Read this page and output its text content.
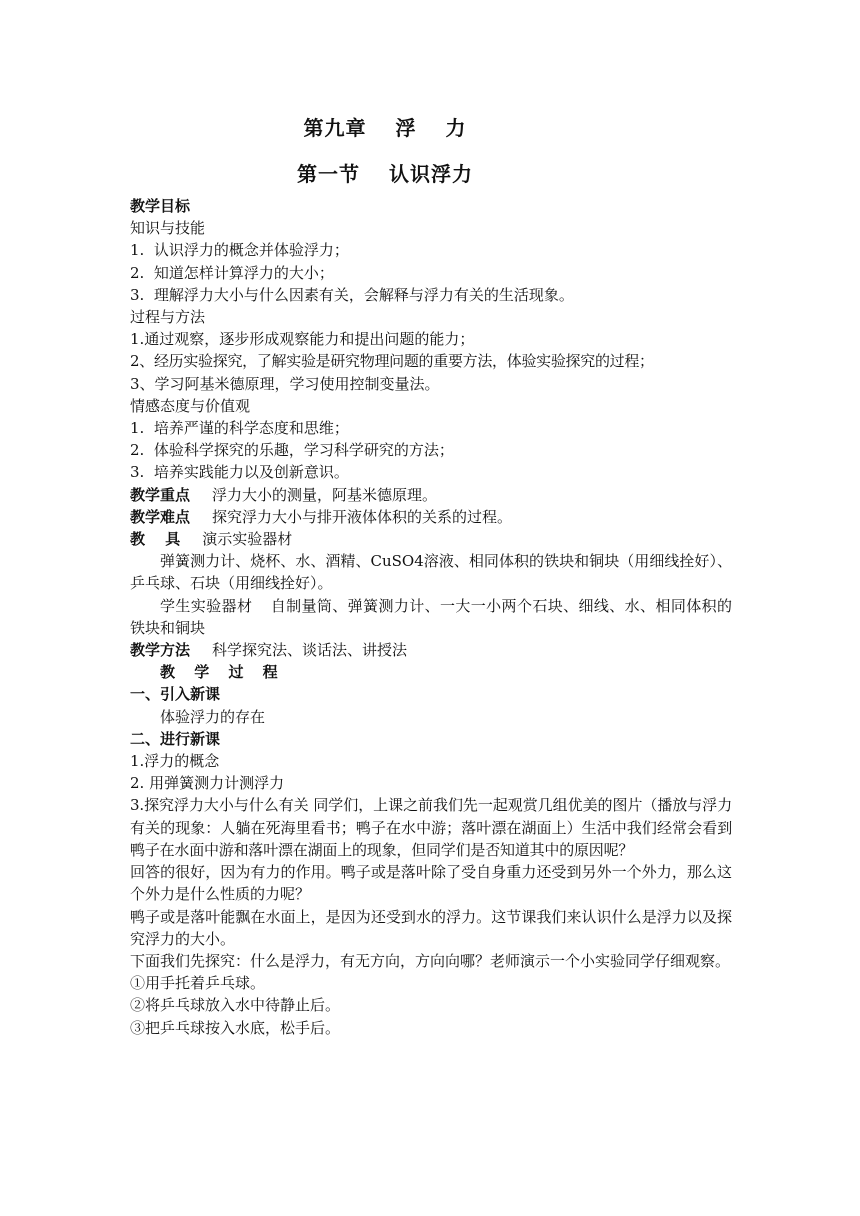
第九章　 浮　 力
第一节　 认识浮力

教学目标

知识与技能

1.  认识浮力的概念并体验浮力；

2.  知道怎样计算浮力的大小；

3.  理解浮力大小与什么因素有关，会解释与浮力有关的生活现象。

过程与方法

1.通过观察，逐步形成观察能力和提出问题的能力；

2、经历实验探究，了解实验是研究物理问题的重要方法，体验实验探究的过程；

3、学习阿基米德原理，学习使用控制变量法。

情感态度与价值观

1.  培养严谨的科学态度和思维；

2.  体验科学探究的乐趣，学习科学研究的方法；

3.  培养实践能力以及创新意识。

教学重点 浮力大小的测量，阿基米德原理。

教学难点 探究浮力大小与排开液体体积的关系的过程。

教　 具 演示实验器材

弹簧测力计、烧杯、水、酒精、CuSO4溶液、相同体积的铁块和铜块（用细线拴好）、乒乓球、石块（用细线拴好）。

学生实验器材 自制量筒、弹簧测力计、一大一小两个石块、细线、水、相同体积的铁块和铜块

教学方法 科学探究法、谈话法、讲授法

教 学 过 程

一、引入新课

体验浮力的存在

二、进行新课

1.浮力的概念

2. 用弹簧测力计测浮力

3.探究浮力大小与什么有关 同学们，上课之前我们先一起观赏几组优美的图片（播放与浮力有关的现象：人躺在死海里看书；鸭子在水中游；落叶漂在湖面上）生活中我们经常会看到鸭子在水面中游和落叶漂在湖面上的现象，但同学们是否知道其中的原因呢？

回答的很好，因为有力的作用。鸭子或是落叶除了受自身重力还受到另外一个外力，那么这个外力是什么性质的力呢？

鸭子或是落叶能飘在水面上，是因为还受到水的浮力。这节课我们来认识什么是浮力以及探究浮力的大小。

下面我们先探究：什么是浮力，有无方向，方向向哪？老师演示一个小实验同学仔细观察。

①用手托着乒乓球。

②将乒乓球放入水中待静止后。

③把乒乓球按入水底，松手后。
